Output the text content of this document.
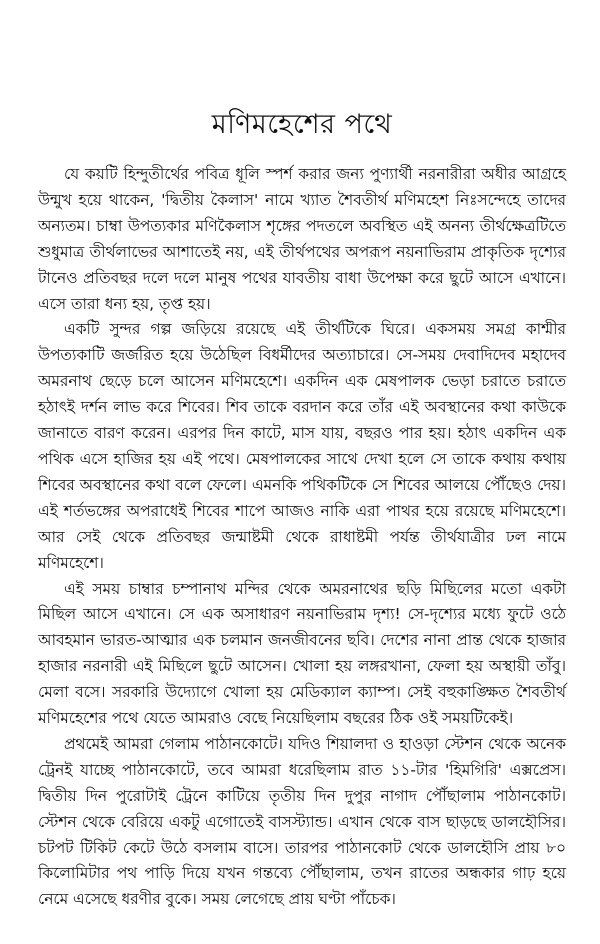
মণিমহেশের পথে

যে কয়টি হিন্দুতীর্থের পবিত্র ধূলি স্পর্শ করার জন্য পুণ্যার্থী নরনারীরা অধীর আগ্রহে উন্মুখ হয়ে থাকেন, 'দ্বিতীয় কৈলাস' নামে খ্যাত শৈবতীর্থ মণিমহেশ নিঃসন্দেহে তাদের অন্যতম। চাম্বা উপত্যকার মণিকৈলাস শৃঙ্গের পদতলে অবস্থিত এই অনন্য তীর্থক্ষেত্রটিতে শুধুমাত্র তীর্থলাভের আশাতেই নয়, এই তীর্থপথের অপরূপ নয়নাভিরাম প্রাকৃতিক দৃশ্যের টানেও প্রতিবছর দলে দলে মানুষ পথের যাবতীয় বাধা উপেক্ষা করে ছুটে আসে এখানে। এসে তারা ধন্য হয়, তৃপ্ত হয়।

একটি সুন্দর গল্প জড়িয়ে রয়েছে এই তীর্থটিকে ঘিরে। একসময় সমগ্র কাশ্মীর উপত্যকাটি জর্জরিত হয়ে উঠেছিল বিধর্মীদের অত্যাচারে। সে-সময় দেবাদিদেব মহাদেব অমরনাথ ছেড়ে চলে আসেন মণিমহেশে। একদিন এক মেষপালক ভেড়া চরাতে চরাতে হঠাৎই দর্শন লাভ করে শিবের। শিব তাকে বরদান করে তাঁর এই অবস্থানের কথা কাউকে জানাতে বারণ করেন। এরপর দিন কাটে, মাস যায়, বছরও পার হয়। হঠাৎ একদিন এক পথিক এসে হাজির হয় এই পথে। মেষপালকের সাথে দেখা হলে সে তাকে কথায় কথায় শিবের অবস্থানের কথা বলে ফেলে। এমনকি পথিকটিকে সে শিবের আলয়ে পৌঁছেও দেয়। এই শর্তভঙ্গের অপরাধেই শিবের শাপে আজও নাকি এরা পাথর হয়ে রয়েছে মণিমহেশে। আর সেই থেকে প্রতিবছর জন্মাষ্টমী থেকে রাধাষ্টমী পর্যন্ত তীর্থযাত্রীর ঢল নামে মণিমহেশে।

এই সময় চাম্বার চম্পানাথ মন্দির থেকে অমরনাথের ছড়ি মিছিলের মতো একটা মিছিল আসে এখানে। সে এক অসাধারণ নয়নাভিরাম দৃশ্য! সে-দৃশ্যের মধ্যে ফুটে ওঠে আবহমান ভারত-আত্মার এক চলমান জনজীবনের ছবি। দেশের নানা প্রান্ত থেকে হাজার হাজার নরনারী এই মিছিলে ছুটে আসেন। খোলা হয় লঙ্গরখানা, ফেলা হয় অস্থায়ী তাঁবু। মেলা বসে। সরকারি উদ্যোগে খোলা হয় মেডিক্যাল ক্যাম্প। সেই বহুকাঙ্ক্ষিত শৈবতীর্থ মণিমহেশের পথে যেতে আমরাও বেছে নিয়েছিলাম বছরের ঠিক ওই সময়টিকেই।

প্রথমেই আমরা গেলাম পাঠানকোটে। যদিও শিয়ালদা ও হাওড়া স্টেশন থেকে অনেক ট্রেনই যাচ্ছে পাঠানকোটে, তবে আমরা ধরেছিলাম রাত ১১-টার 'হিমগিরি' এক্সপ্রেস। দ্বিতীয় দিন পুরোটাই ট্রেনে কাটিয়ে তৃতীয় দিন দুপুর নাগাদ পৌঁছালাম পাঠানকোট। স্টেশন থেকে বেরিয়ে একটু এগোতেই বাসস্ট্যান্ড। এখান থেকে বাস ছাড়ছে ডালহৌসির। চটপট টিকিট কেটে উঠে বসলাম বাসে। তারপর পাঠানকোট থেকে ডালহৌসি প্রায় ৮০ কিলোমিটার পথ পাড়ি দিয়ে যখন গন্তব্যে পৌঁছালাম, তখন রাতের অন্ধকার গাঢ় হয়ে নেমে এসেছে ধরণীর বুকে। সময় লেগেছে প্রায় ঘণ্টা পাঁচেক।
